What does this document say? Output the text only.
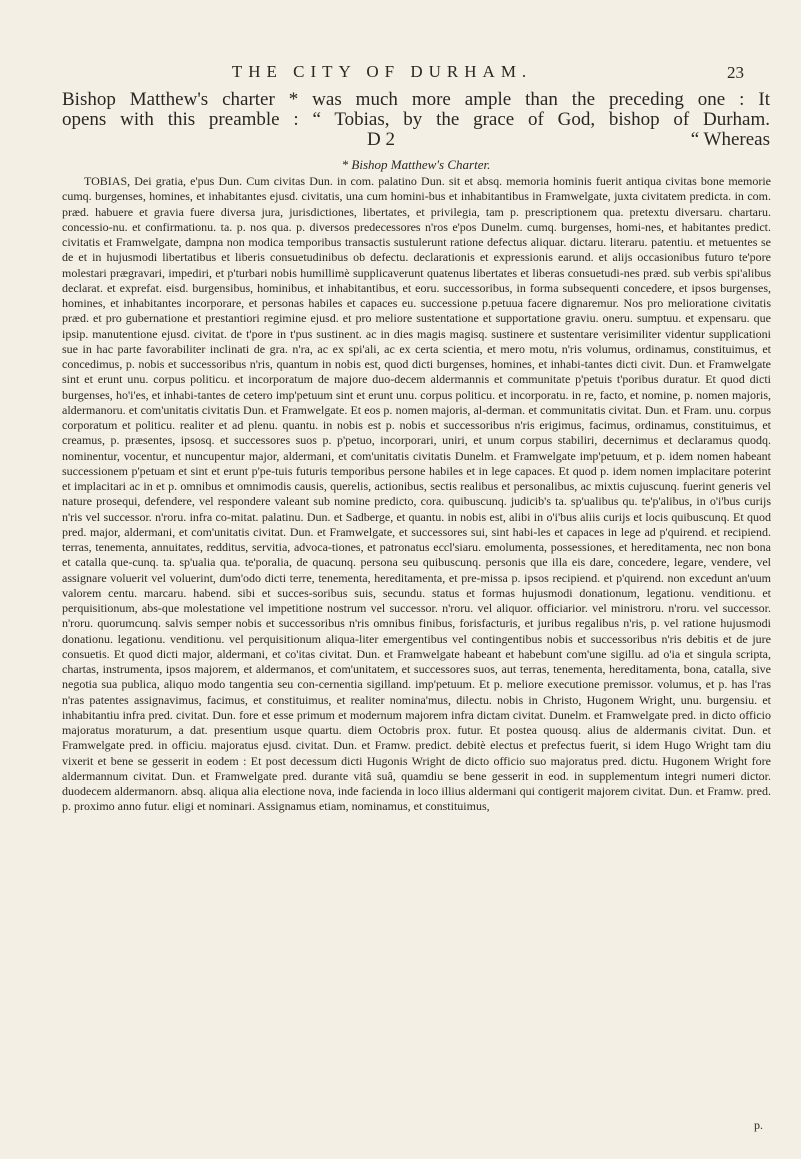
THE CITY OF DURHAM.	23

Bishop Matthew's charter * was much more ample than the preceding one : It

opens with this preamble : “ Tobias, by the grace of God, bishop of Durham.

D 2	“ Whereas
* Bishop Matthew's Charter.

TOBIAS, Dei gratia, e'pus Dun. Cum civitas Dun. in com. palatino Dun. sit et absq. memoria hominis fuerit antiqua civitas bone memorie cumq. burgenses, homines, et inhabitantes ejusd. civitatis, una cum homini-bus et inhabitantibus in Framwelgate, juxta civitatem predicta. in com. præd. habuere et gravia fuere diversa jura, jurisdictiones, libertates, et privilegia, tam p. prescriptionem qua. pretextu diversaru. chartaru. concessio-nu. et confirmationu. ta. p. nos qua. p. diversos predecessores n'ros e'pos Dunelm. cumq. burgenses, homi-nes, et habitantes predict. civitatis et Framwelgate, dampna non modica temporibus transactis sustulerunt ratione defectus aliquar. dictaru. literaru. patentiu. et metuentes se de et in hujusmodi libertatibus et liberis consuetudinibus ob defectu. declarationis et expressionis earund. et alijs occasionibus futuro te'pore molestari prægravari, impediri, et p'turbari nobis humillimè supplicaverunt quatenus libertates et liberas consuetudi-nes præd. sub verbis spi'alibus declarat. et exprefat. eisd. burgensibus, hominibus, et inhabitantibus, et eoru. successoribus, in forma subsequenti concedere, et ipsos burgenses, homines, et inhabitantes incorporare, et personas habiles et capaces eu. successione p.petuua facere dignaremur. Nos pro melioratione civitatis præd. et pro gubernatione et prestantiori regimine ejusd. et pro meliore sustentatione et supportatione graviu. oneru. sumptuu. et expensaru. que ipsip. manutentione ejusd. civitat. de t'pore in t'pus sustinent. ac in dies magis magisq. sustinere et sustentare verisimiliter videntur supplicationi sue in hac parte favorabiliter inclinati de gra. n'ra, ac ex spi'ali, ac ex certa scientia, et mero motu, n'ris volumus, ordinamus, constituimus, et concedimus, p. nobis et successoribus n'ris, quantum in nobis est, quod dicti burgenses, homines, et inhabi-tantes dicti civit. Dun. et Framwelgate sint et erunt unu. corpus politicu. et incorporatum de majore duo-decem aldermannis et communitate p'petuis t'poribus duratur. Et quod dicti burgenses, ho'i'es, et inhabi-tantes de cetero imp'petuum sint et erunt unu. corpus politicu. et incorporatu. in re, facto, et nomine, p. nomen majoris, aldermanoru. et com'unitatis civitatis Dun. et Framwelgate. Et eos p. nomen majoris, al-derman. et communitatis civitat. Dun. et Fram. unu. corpus corporatum et politicu. realiter et ad plenu. quantu. in nobis est p. nobis et successoribus n'ris erigimus, facimus, ordinamus, constituimus, et creamus, p. præsentes, ipsosq. et successores suos p. p'petuo, incorporari, uniri, et unum corpus stabiliri, decernimus et declaramus quodq. nominentur, vocentur, et nuncupentur major, aldermani, et com'unitatis civitatis Dunelm. et Framwelgate imp'petuum, et p. idem nomen habeant successionem p'petuam et sint et erunt p'pe-tuis futuris temporibus persone habiles et in lege capaces. Et quod p. idem nomen implacitare poterint et implacitari ac in et p. omnibus et omnimodis causis, querelis, actionibus, sectis realibus et personalibus, ac mixtis cujuscunq. fuerint generis vel nature prosequi, defendere, vel respondere valeant sub nomine predicto, cora. quibuscunq. judicib's ta. sp'ualibus qu. te'p'alibus, in o'i'bus curijs n'ris vel successor. n'roru. infra co-mitat. palatinu. Dun. et Sadberge, et quantu. in nobis est, alibi in o'i'bus aliis curijs et locis quibuscunq. Et quod pred. major, aldermani, et com'unitatis civitat. Dun. et Framwelgate, et successores sui, sint habi-les et capaces in lege ad p'quirend. et recipiend. terras, tenementa, annuitates, redditus, servitia, advoca-tiones, et patronatus eccl'siaru. emolumenta, possessiones, et hereditamenta, nec non bona et catalla que-cunq. ta. sp'ualia qua. te'poralia, de quacunq. persona seu quibuscunq. personis que illa eis dare, concedere, legare, vendere, vel assignare voluerit vel voluerint, dum'odo dicti terre, tenementa, hereditamenta, et pre-missa p. ipsos recipiend. et p'quirend. non excedunt an'uum valorem centu. marcaru. habend. sibi et succes-soribus suis, secundu. status et formas hujusmodi donationum, legationu. venditionu. et perquisitionum, abs-que molestatione vel impetitione nostrum vel successor. n'roru. vel aliquor. officiarior. vel ministroru. n'roru. vel successor. n'roru. quorumcunq. salvis semper nobis et successoribus n'ris omnibus finibus, forisfacturis, et juribus regalibus n'ris, p. vel ratione hujusmodi donationu. legationu. venditionu. vel perquisitionum aliqua-liter emergentibus vel contingentibus nobis et successoribus n'ris debitis et de jure consuetis. Et quod dicti major, aldermani, et co'itas civitat. Dun. et Framwelgate habeant et habebunt com'une sigillu. ad o'ia et singula scripta, chartas, instrumenta, ipsos majorem, et aldermanos, et com'unitatem, et successores suos, aut terras, tenementa, hereditamenta, bona, catalla, sive negotia sua publica, aliquo modo tangentia seu con-cernentia sigilland. imp'petuum. Et p. meliore executione premissor. volumus, et p. has l'ras n'ras patentes assignavimus, facimus, et constituimus, et realiter nomina'mus, dilectu. nobis in Christo, Hugonem Wright, unu. burgensiu. et inhabitantiu infra pred. civitat. Dun. fore et esse primum et modernum majorem infra dictam civitat. Dunelm. et Framwelgate pred. in dicto officio majoratus moraturum, a dat. presentium usque quartu. diem Octobris prox. futur. Et postea quousq. alius de aldermanis civitat. Dun. et Framwelgate pred. in officiu. majoratus ejusd. civitat. Dun. et Framw. predict. debitè electus et prefectus fuerit, si idem Hugo Wright tam diu vixerit et bene se gesserit in eodem : Et post decessum dicti Hugonis Wright de dicto officio suo majoratus pred. dictu. Hugonem Wright fore aldermannum civitat. Dun. et Framwelgate pred. durante vitâ suâ, quamdiu se bene gesserit in eod. in supplementum integri numeri dictor. duodecem aldermanorn. absq. aliqua alia electione nova, inde facienda in loco illius aldermani qui contigerit majorem civitat. Dun. et Framw. pred. p. proximo anno futur. eligi et nominari. Assignamus etiam, nominamus, et constituimus,

p.
